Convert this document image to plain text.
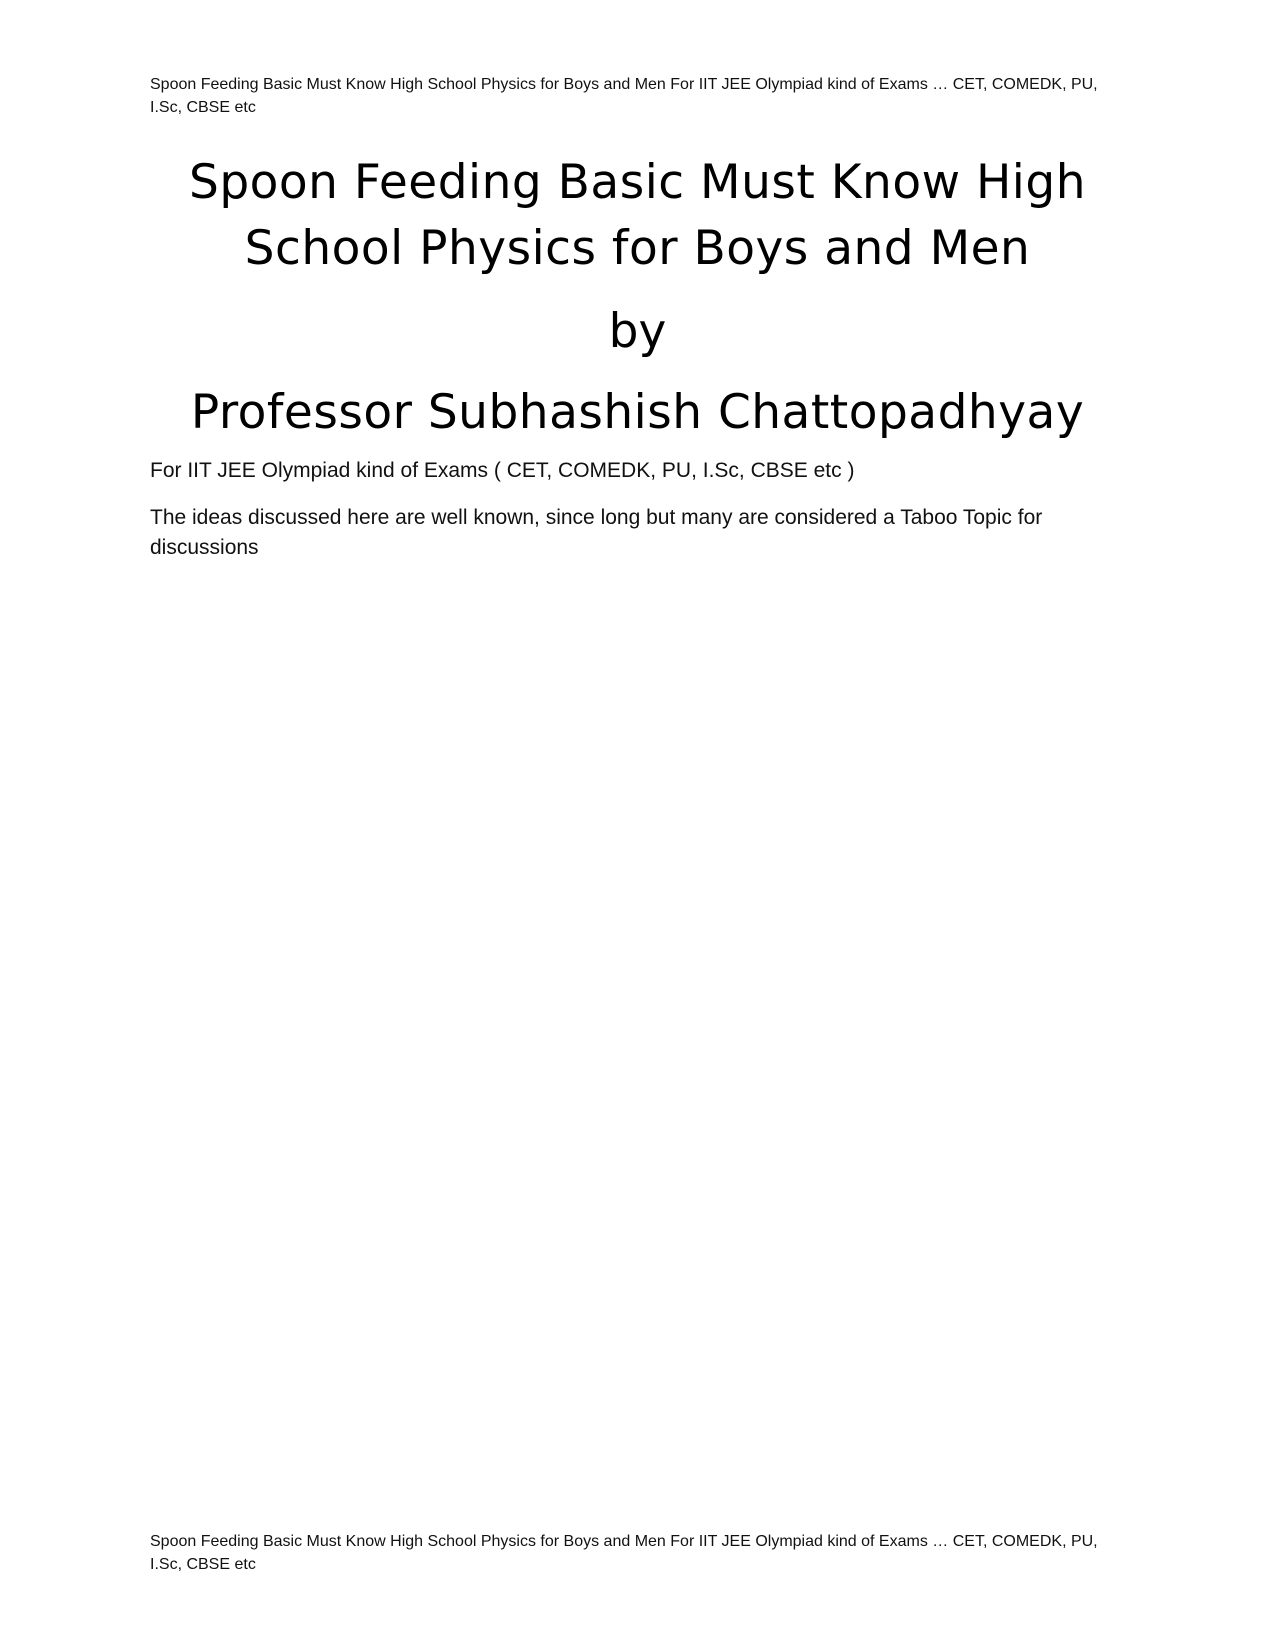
Spoon Feeding Basic Must Know High School Physics for Boys and Men For IIT JEE Olympiad kind of Exams … CET, COMEDK, PU, I.Sc, CBSE etc
Spoon Feeding Basic Must Know High
School Physics for Boys and Men
by
Professor Subhashish Chattopadhyay

For IIT JEE Olympiad kind of Exams ( CET, COMEDK, PU, I.Sc, CBSE etc )

The ideas discussed here are well known, since long but many are considered a Taboo Topic for discussions

Spoon Feeding Basic Must Know High School Physics for Boys and Men For IIT JEE Olympiad kind of Exams … CET, COMEDK, PU, I.Sc, CBSE etc
